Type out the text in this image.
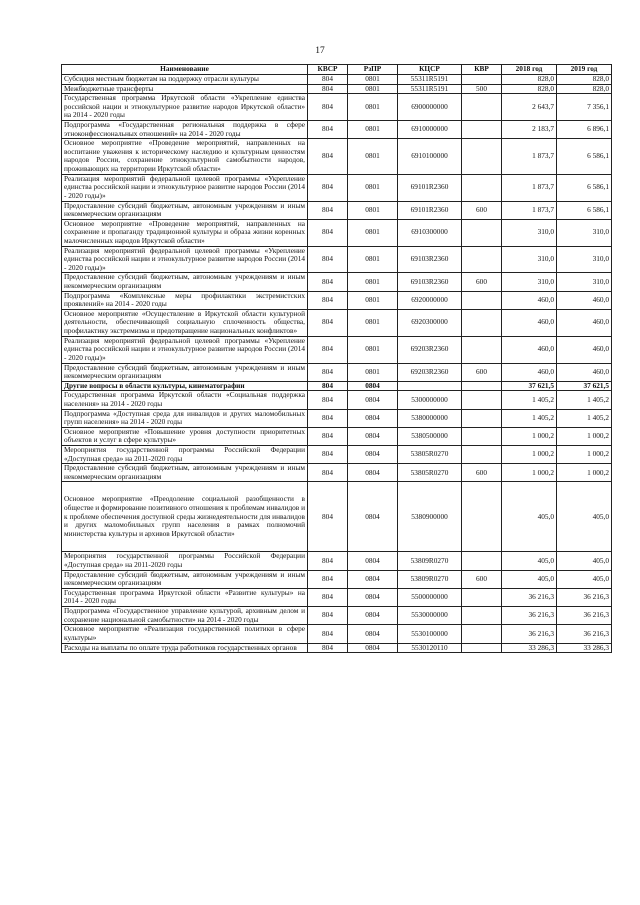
17
Наименование	КВСР	РзПР	КЦСР	КВР	2018 год	2019 год
Субсидия местным бюджетам на поддержку отрасли культуры	804	0801	55311R5191		828,0	828,0
Межбюджетные трансферты	804	0801	55311R5191	500	828,0	828,0
Государственная программа Иркутской области «Укрепление единства российской нации и этнокультурное развитие народов Иркутской области» на 2014 - 2020 годы	804	0801	6900000000		2 643,7	7 356,1
Подпрограмма «Государственная региональная поддержка в сфере этноконфессиональных отношений» на 2014 - 2020 годы	804	0801	6910000000		2 183,7	6 896,1
Основное мероприятие «Проведение мероприятий, направленных на воспитание уважения к историческому наследию и культурным ценностям народов России, сохранение этнокультурной самобытности народов, проживающих на территории Иркутской области»	804	0801	6910100000		1 873,7	6 586,1
Реализация мероприятий федеральной целевой программы «Укрепление единства российской нации и этнокультурное развитие народов России (2014 - 2020 годы)»	804	0801	69101R2360		1 873,7	6 586,1
Предоставление субсидий бюджетным, автономным учреждениям и иным некоммерческим организациям	804	0801	69101R2360	600	1 873,7	6 586,1
Основное мероприятие «Проведение мероприятий, направленных на сохранение и пропаганду традиционной культуры и образа жизни коренных малочисленных народов Иркутской области»	804	0801	6910300000		310,0	310,0
Реализация мероприятий федеральной целевой программы «Укрепление единства российской нации и этнокультурное развитие народов России (2014 - 2020 годы)»	804	0801	69103R2360		310,0	310,0
Предоставление субсидий бюджетным, автономным учреждениям и иным некоммерческим организациям	804	0801	69103R2360	600	310,0	310,0
Подпрограмма «Комплексные меры профилактики экстремистских проявлений» на 2014 - 2020 годы	804	0801	6920000000		460,0	460,0
Основное мероприятие «Осуществление в Иркутской области культурной деятельности, обеспечивающей социальную сплоченность общества, профилактику экстремизма и предотвращение национальных конфликтов»	804	0801	6920300000		460,0	460,0
Реализация мероприятий федеральной целевой программы «Укрепление единства российской нации и этнокультурное развитие народов России (2014 - 2020 годы)»	804	0801	69203R2360		460,0	460,0
Предоставление субсидий бюджетным, автономным учреждениям и иным некоммерческим организациям	804	0801	69203R2360	600	460,0	460,0
Другие вопросы в области культуры, кинематографии	804	0804			37 621,5	37 621,5
Государственная программа Иркутской области «Социальная поддержка населения» на 2014 - 2020 годы	804	0804	5300000000		1 405,2	1 405,2
Подпрограмма «Доступная среда для инвалидов и других маломобильных групп населения» на 2014 - 2020 годы	804	0804	5380000000		1 405,2	1 405,2
Основное мероприятие «Повышение уровня доступности приоритетных объектов и услуг в сфере культуры»	804	0804	5380500000		1 000,2	1 000,2
Мероприятия государственной программы Российской Федерации «Доступная среда» на 2011-2020 годы	804	0804	53805R0270		1 000,2	1 000,2
Предоставление субсидий бюджетным, автономным учреждениям и иным некоммерческим организациям	804	0804	53805R0270	600	1 000,2	1 000,2
Основное мероприятие «Преодоление социальной разобщенности в обществе и формирование позитивного отношения к проблемам инвалидов и к проблеме обеспечения доступной среды жизнедеятельности для инвалидов и других маломобильных групп населения в рамках полномочий министерства культуры и архивов Иркутской области»	804	0804	5380900000		405,0	405,0
Мероприятия государственной программы Российской Федерации «Доступная среда» на 2011-2020 годы	804	0804	53809R0270		405,0	405,0
Предоставление субсидий бюджетным, автономным учреждениям и иным некоммерческим организациям	804	0804	53809R0270	600	405,0	405,0
Государственная программа Иркутской области «Развитие культуры» на 2014 - 2020 годы	804	0804	5500000000		36 216,3	36 216,3
Подпрограмма «Государственное управление культурой, архивным делом и сохранение национальной самобытности» на 2014 - 2020 годы	804	0804	5530000000		36 216,3	36 216,3
Основное мероприятие «Реализация государственной политики в сфере культуры»	804	0804	5530100000		36 216,3	36 216,3
Расходы на выплаты по оплате труда работников государственных органов	804	0804	5530120110		33 286,3	33 286,3
